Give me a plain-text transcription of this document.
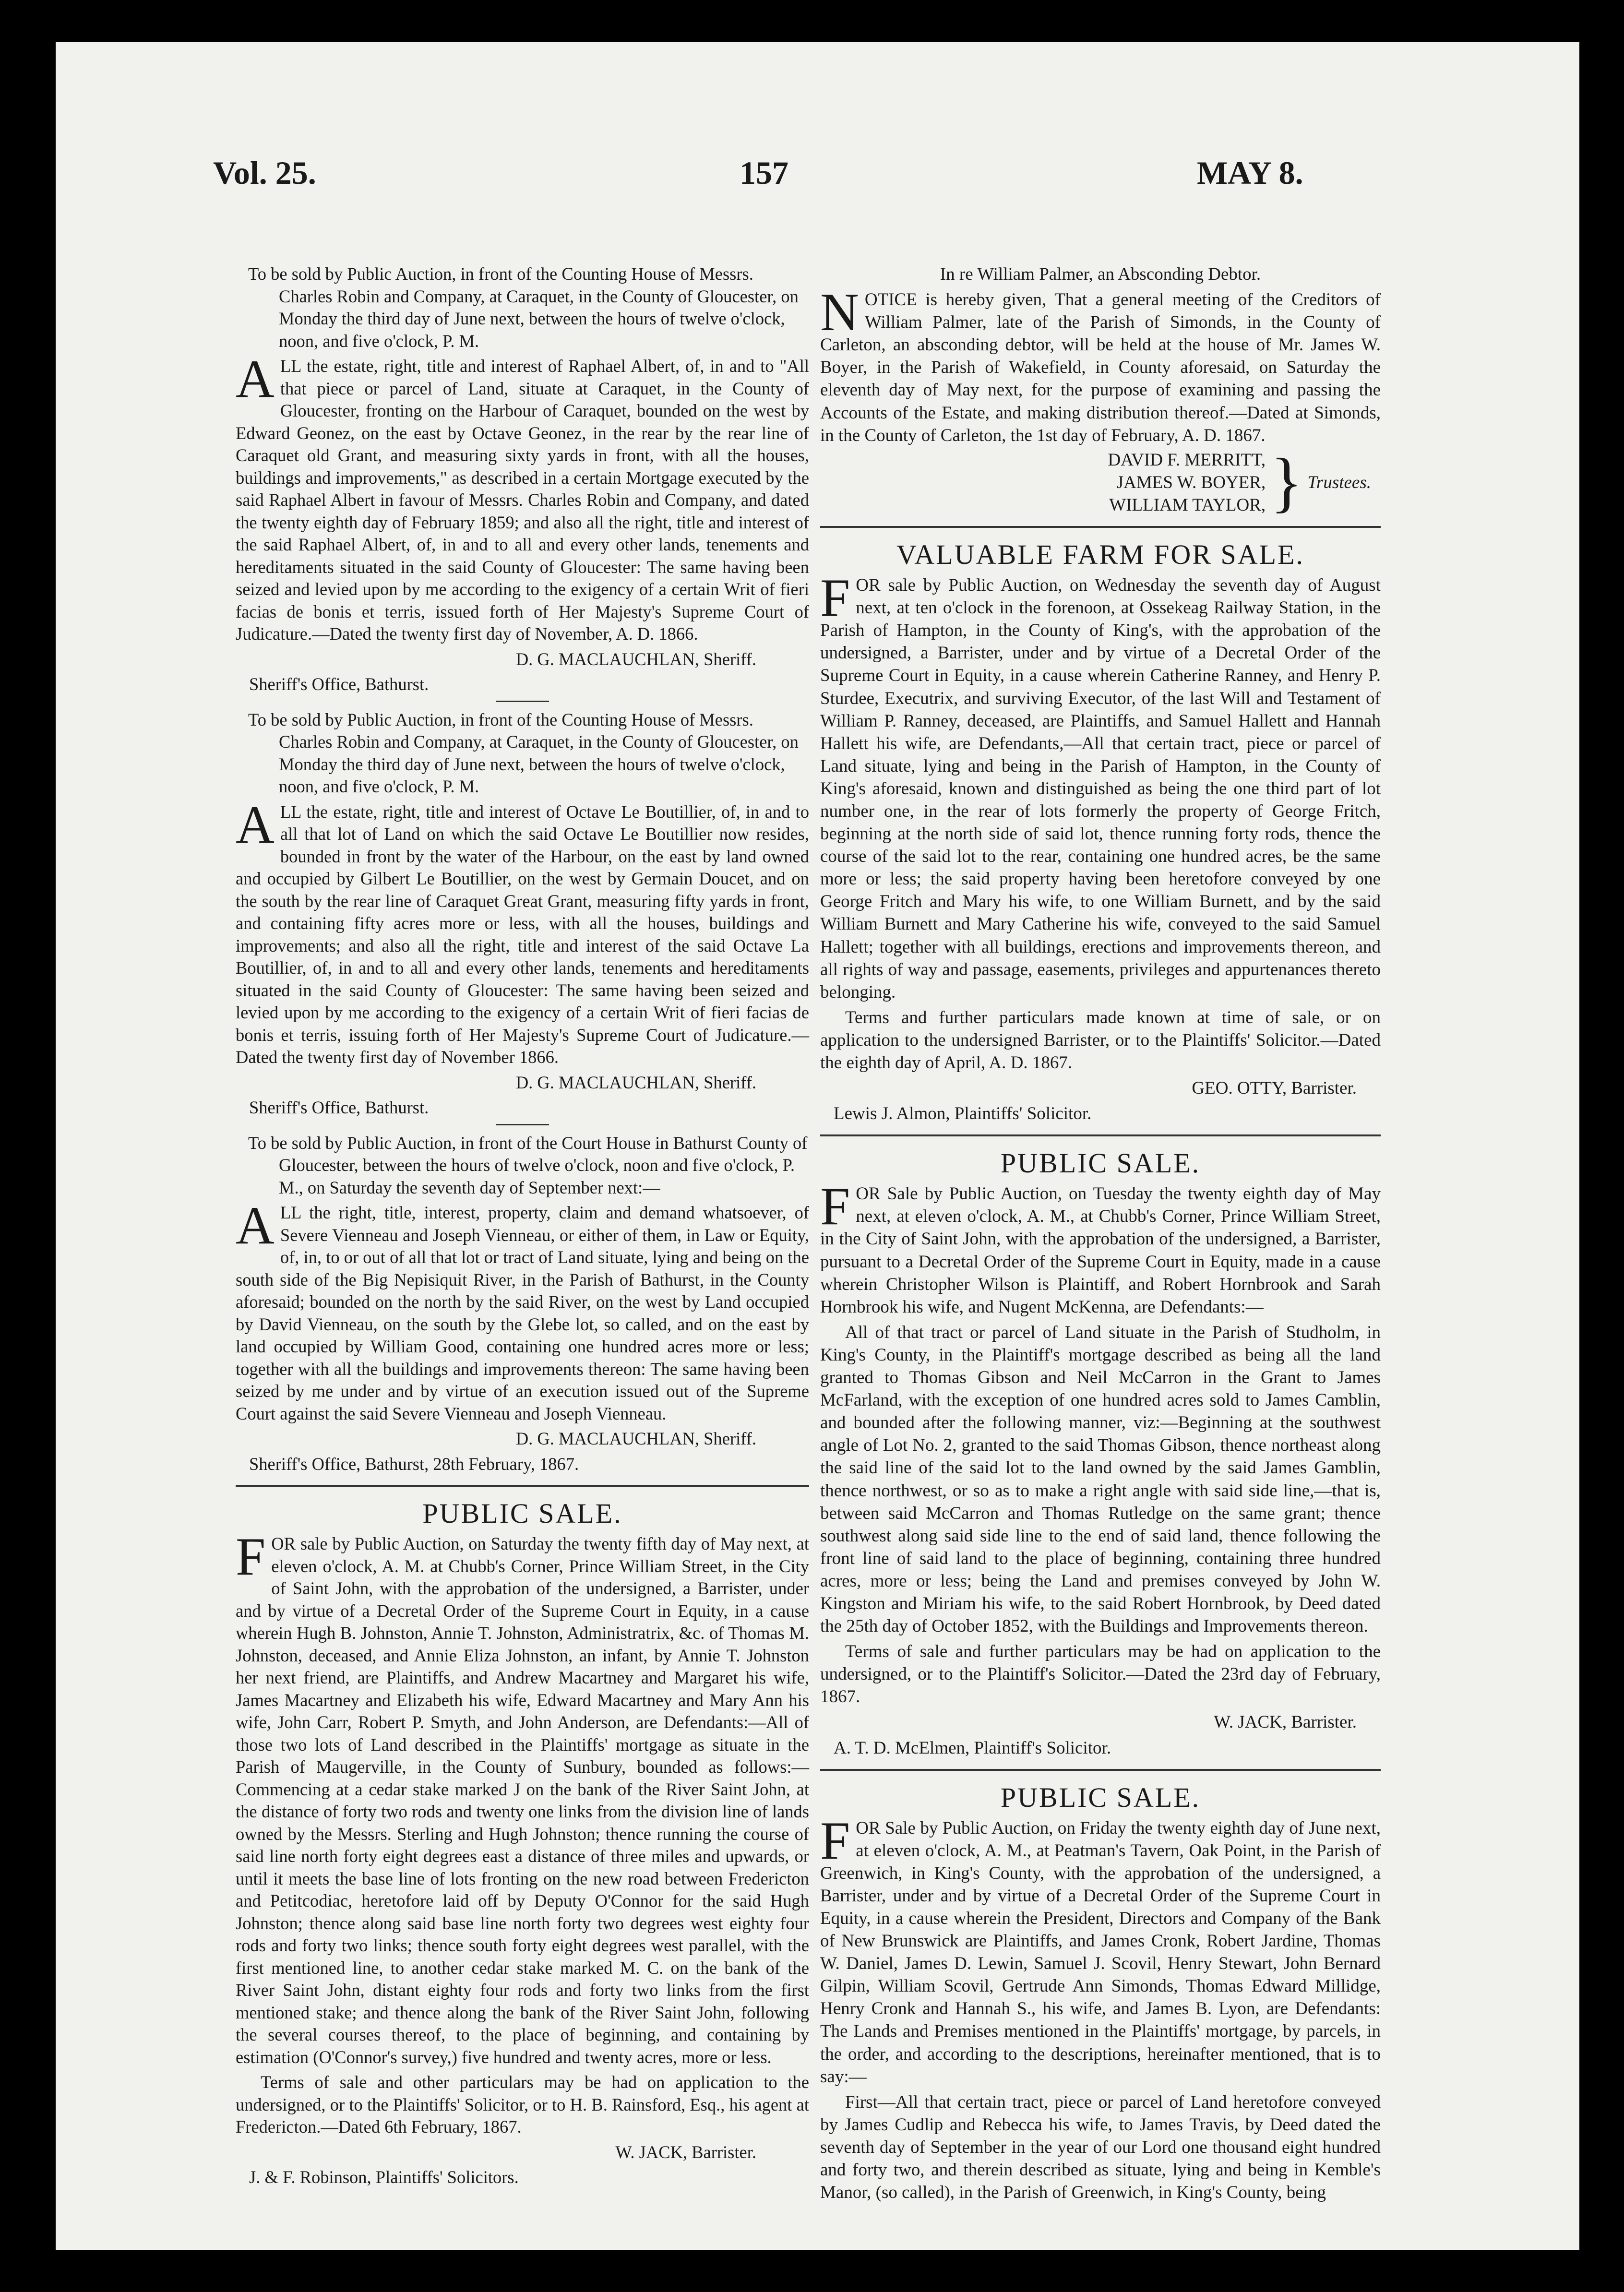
Vol. 25.	157	MAY 8.

To be sold by Public Auction, in front of the Counting House of Messrs. Charles Robin and Company, at Caraquet, in the County of Gloucester, on Monday the third day of June next, between the hours of twelve o'clock, noon, and five o'clock, P. M.

ALL the estate, right, title and interest of Raphael Albert, of, in and to "All that piece or parcel of Land, situate at Caraquet, in the County of Gloucester, fronting on the Harbour of Caraquet, bounded on the west by Edward Geonez, on the east by Octave Geonez, in the rear by the rear line of Caraquet old Grant, and measuring sixty yards in front, with all the houses, buildings and improvements," as described in a certain Mortgage executed by the said Raphael Albert in favour of Messrs. Charles Robin and Company, and dated the twenty eighth day of February 1859; and also all the right, title and interest of the said Raphael Albert, of, in and to all and every other lands, tenements and hereditaments situated in the said County of Gloucester: The same having been seized and levied upon by me according to the exigency of a certain Writ of fieri facias de bonis et terris, issued forth of Her Majesty's Supreme Court of Judicature.—Dated the twenty first day of November, A. D. 1866.

D. G. MACLAUCHLAN, Sheriff.

Sheriff's Office, Bathurst.

To be sold by Public Auction, in front of the Counting House of Messrs. Charles Robin and Company, at Caraquet, in the County of Gloucester, on Monday the third day of June next, between the hours of twelve o'clock, noon, and five o'clock, P. M.

ALL the estate, right, title and interest of Octave Le Boutillier, of, in and to all that lot of Land on which the said Octave Le Boutillier now resides, bounded in front by the water of the Harbour, on the east by land owned and occupied by Gilbert Le Boutillier, on the west by Germain Doucet, and on the south by the rear line of Caraquet Great Grant, measuring fifty yards in front, and containing fifty acres more or less, with all the houses, buildings and improvements; and also all the right, title and interest of the said Octave La Boutillier, of, in and to all and every other lands, tenements and hereditaments situated in the said County of Gloucester: The same having been seized and levied upon by me according to the exigency of a certain Writ of fieri facias de bonis et terris, issuing forth of Her Majesty's Supreme Court of Judicature.—Dated the twenty first day of November 1866.

D. G. MACLAUCHLAN, Sheriff.

Sheriff's Office, Bathurst.

To be sold by Public Auction, in front of the Court House in Bathurst County of Gloucester, between the hours of twelve o'clock, noon and five o'clock, P. M., on Saturday the seventh day of September next:—

ALL the right, title, interest, property, claim and demand whatsoever, of Severe Vienneau and Joseph Vienneau, or either of them, in Law or Equity, of, in, to or out of all that lot or tract of Land situate, lying and being on the south side of the Big Nepisiquit River, in the Parish of Bathurst, in the County aforesaid; bounded on the north by the said River, on the west by Land occupied by David Vienneau, on the south by the Glebe lot, so called, and on the east by land occupied by William Good, containing one hundred acres more or less; together with all the buildings and improvements thereon: The same having been seized by me under and by virtue of an execution issued out of the Supreme Court against the said Severe Vienneau and Joseph Vienneau.

D. G. MACLAUCHLAN, Sheriff.

Sheriff's Office, Bathurst, 28th February, 1867.

PUBLIC SALE.

FOR sale by Public Auction, on Saturday the twenty fifth day of May next, at eleven o'clock, A. M. at Chubb's Corner, Prince William Street, in the City of Saint John, with the approbation of the undersigned, a Barrister, under and by virtue of a Decretal Order of the Supreme Court in Equity, in a cause wherein Hugh B. Johnston, Annie T. Johnston, Administratrix, &c. of Thomas M. Johnston, deceased, and Annie Eliza Johnston, an infant, by Annie T. Johnston her next friend, are Plaintiffs, and Andrew Macartney and Margaret his wife, James Macartney and Elizabeth his wife, Edward Macartney and Mary Ann his wife, John Carr, Robert P. Smyth, and John Anderson, are Defendants:—All of those two lots of Land described in the Plaintiffs' mortgage as situate in the Parish of Maugerville, in the County of Sunbury, bounded as follows:—Commencing at a cedar stake marked J on the bank of the River Saint John, at the distance of forty two rods and twenty one links from the division line of lands owned by the Messrs. Sterling and Hugh Johnston; thence running the course of said line north forty eight degrees east a distance of three miles and upwards, or until it meets the base line of lots fronting on the new road between Fredericton and Petitcodiac, heretofore laid off by Deputy O'Connor for the said Hugh Johnston; thence along said base line north forty two degrees west eighty four rods and forty two links; thence south forty eight degrees west parallel, with the first mentioned line, to another cedar stake marked M. C. on the bank of the River Saint John, distant eighty four rods and forty two links from the first mentioned stake; and thence along the bank of the River Saint John, following the several courses thereof, to the place of beginning, and containing by estimation (O'Connor's survey,) five hundred and twenty acres, more or less.

Terms of sale and other particulars may be had on application to the undersigned, or to the Plaintiffs' Solicitor, or to H. B. Rainsford, Esq., his agent at Fredericton.—Dated 6th February, 1867.

W. JACK, Barrister.

J. & F. Robinson, Plaintiffs' Solicitors.

In re William Palmer, an Absconding Debtor.

NOTICE is hereby given, That a general meeting of the Creditors of William Palmer, late of the Parish of Simonds, in the County of Carleton, an absconding debtor, will be held at the house of Mr. James W. Boyer, in the Parish of Wakefield, in County aforesaid, on Saturday the eleventh day of May next, for the purpose of examining and passing the Accounts of the Estate, and making distribution thereof.—Dated at Simonds, in the County of Carleton, the 1st day of February, A. D. 1867.

DAVID F. MERRITT,
JAMES W. BOYER,
WILLIAM TAYLOR, } Trustees.
VALUABLE FARM FOR SALE.

FOR sale by Public Auction, on Wednesday the seventh day of August next, at ten o'clock in the forenoon, at Ossekeag Railway Station, in the Parish of Hampton, in the County of King's, with the approbation of the undersigned, a Barrister, under and by virtue of a Decretal Order of the Supreme Court in Equity, in a cause wherein Catherine Ranney, and Henry P. Sturdee, Executrix, and surviving Executor, of the last Will and Testament of William P. Ranney, deceased, are Plaintiffs, and Samuel Hallett and Hannah Hallett his wife, are Defendants,—All that certain tract, piece or parcel of Land situate, lying and being in the Parish of Hampton, in the County of King's aforesaid, known and distinguished as being the one third part of lot number one, in the rear of lots formerly the property of George Fritch, beginning at the north side of said lot, thence running forty rods, thence the course of the said lot to the rear, containing one hundred acres, be the same more or less; the said property having been heretofore conveyed by one George Fritch and Mary his wife, to one William Burnett, and by the said William Burnett and Mary Catherine his wife, conveyed to the said Samuel Hallett; together with all buildings, erections and improvements thereon, and all rights of way and passage, easements, privileges and appurtenances thereto belonging.

Terms and further particulars made known at time of sale, or on application to the undersigned Barrister, or to the Plaintiffs' Solicitor.—Dated the eighth day of April, A. D. 1867.

GEO. OTTY, Barrister.

Lewis J. Almon, Plaintiffs' Solicitor.

PUBLIC SALE.

FOR Sale by Public Auction, on Tuesday the twenty eighth day of May next, at eleven o'clock, A. M., at Chubb's Corner, Prince William Street, in the City of Saint John, with the approbation of the undersigned, a Barrister, pursuant to a Decretal Order of the Supreme Court in Equity, made in a cause wherein Christopher Wilson is Plaintiff, and Robert Hornbrook and Sarah Hornbrook his wife, and Nugent McKenna, are Defendants:—

All of that tract or parcel of Land situate in the Parish of Studholm, in King's County, in the Plaintiff's mortgage described as being all the land granted to Thomas Gibson and Neil McCarron in the Grant to James McFarland, with the exception of one hundred acres sold to James Camblin, and bounded after the following manner, viz:—Beginning at the southwest angle of Lot No. 2, granted to the said Thomas Gibson, thence northeast along the said line of the said lot to the land owned by the said James Gamblin, thence northwest, or so as to make a right angle with said side line,—that is, between said McCarron and Thomas Rutledge on the same grant; thence southwest along said side line to the end of said land, thence following the front line of said land to the place of beginning, containing three hundred acres, more or less; being the Land and premises conveyed by John W. Kingston and Miriam his wife, to the said Robert Hornbrook, by Deed dated the 25th day of October 1852, with the Buildings and Improvements thereon.

Terms of sale and further particulars may be had on application to the undersigned, or to the Plaintiff's Solicitor.—Dated the 23rd day of February, 1867.

W. JACK, Barrister.

A. T. D. McElmen, Plaintiff's Solicitor.

PUBLIC SALE.

FOR Sale by Public Auction, on Friday the twenty eighth day of June next, at eleven o'clock, A. M., at Peatman's Tavern, Oak Point, in the Parish of Greenwich, in King's County, with the approbation of the undersigned, a Barrister, under and by virtue of a Decretal Order of the Supreme Court in Equity, in a cause wherein the President, Directors and Company of the Bank of New Brunswick are Plaintiffs, and James Cronk, Robert Jardine, Thomas W. Daniel, James D. Lewin, Samuel J. Scovil, Henry Stewart, John Bernard Gilpin, William Scovil, Gertrude Ann Simonds, Thomas Edward Millidge, Henry Cronk and Hannah S., his wife, and James B. Lyon, are Defendants: The Lands and Premises mentioned in the Plaintiffs' mortgage, by parcels, in the order, and according to the descriptions, hereinafter mentioned, that is to say:—

First—All that certain tract, piece or parcel of Land heretofore conveyed by James Cudlip and Rebecca his wife, to James Travis, by Deed dated the seventh day of September in the year of our Lord one thousand eight hundred and forty two, and therein described as situate, lying and being in Kemble's Manor, (so called), in the Parish of Greenwich, in King's County, being
